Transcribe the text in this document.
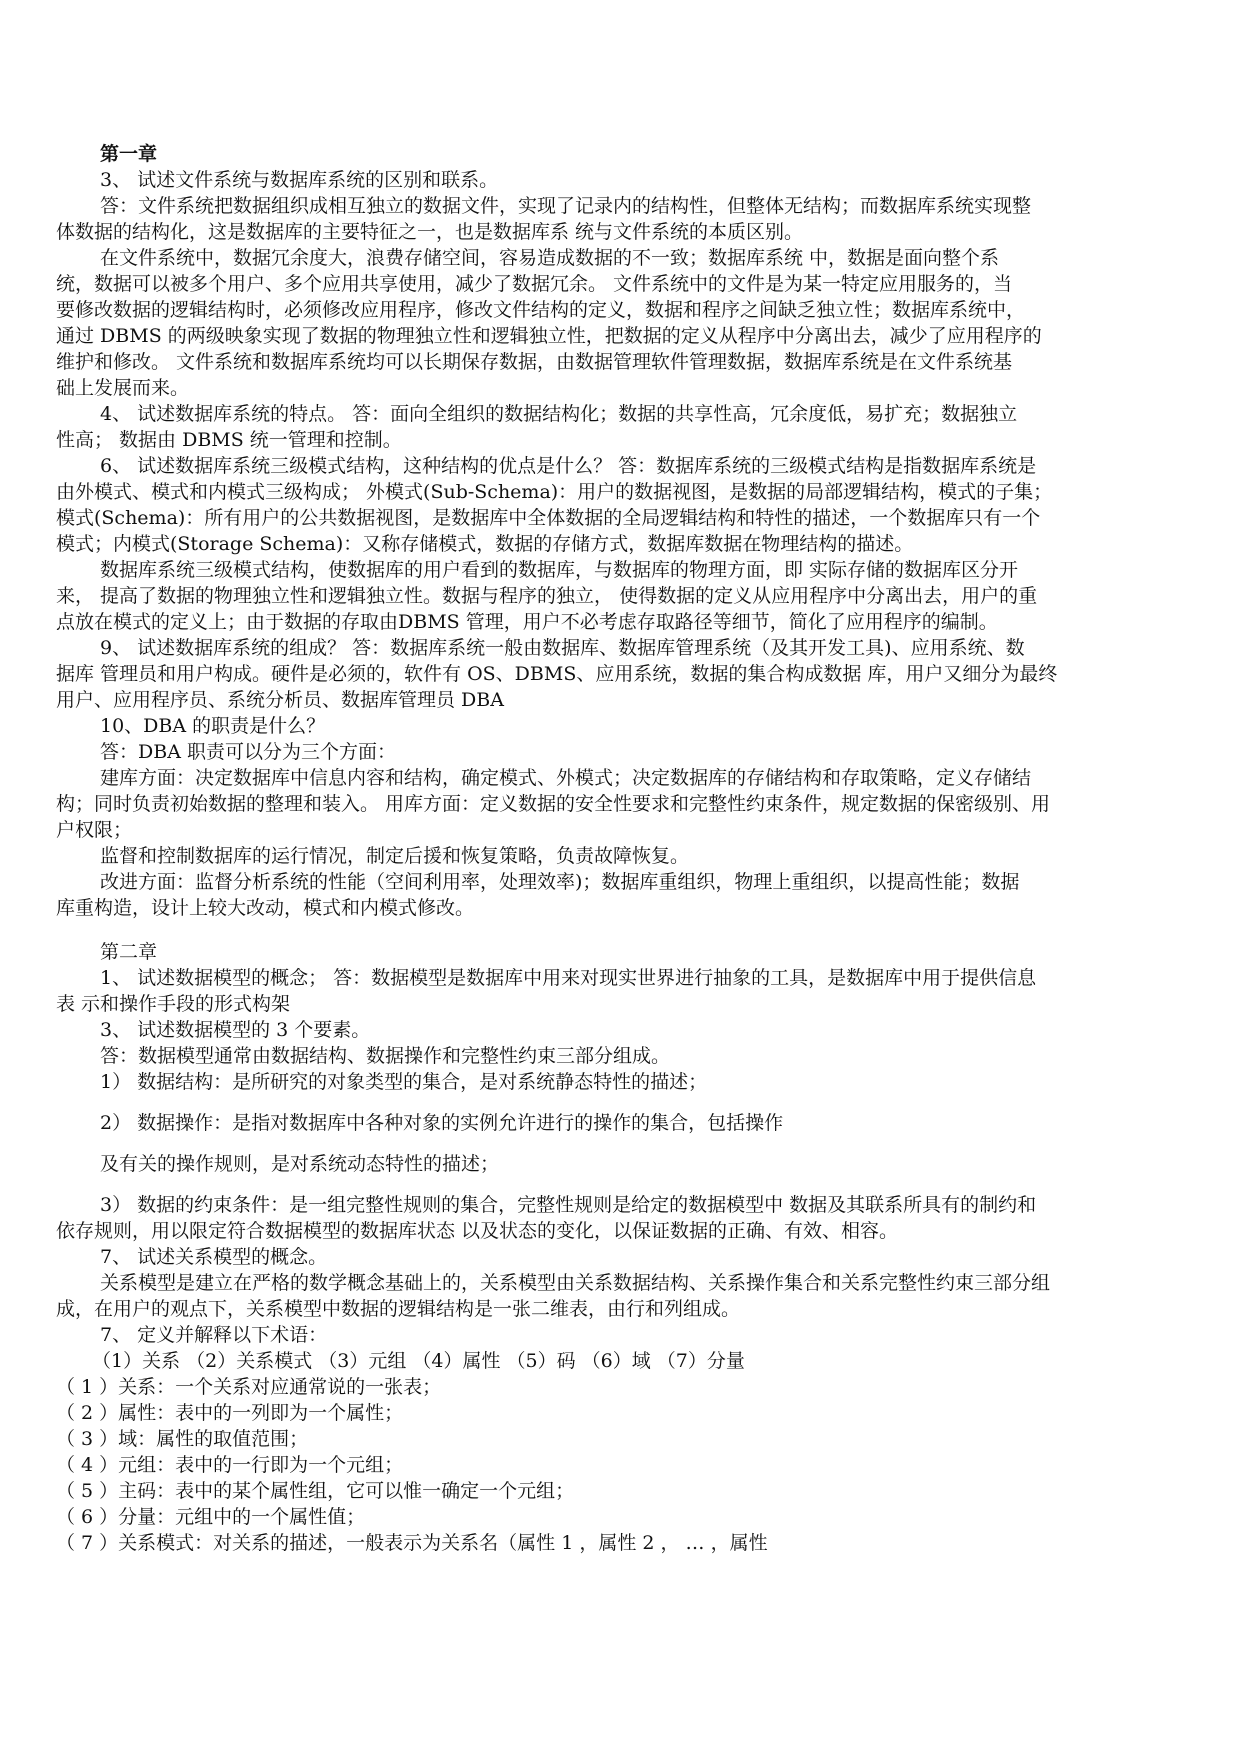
第一章
3、 试述文件系统与数据库系统的区别和联系。
答：文件系统把数据组织成相互独立的数据文件，实现了记录内的结构性，但整体无结构；而数据库系统实现整
体数据的结构化，这是数据库的主要特征之一，也是数据库系 统与文件系统的本质区别。
在文件系统中，数据冗余度大，浪费存储空间，容易造成数据的不一致；数据库系统 中，数据是面向整个系
统，数据可以被多个用户、多个应用共享使用，减少了数据冗余。 文件系统中的文件是为某一特定应用服务的，当
要修改数据的逻辑结构时，必须修改应用程序，修改文件结构的定义，数据和程序之间缺乏独立性；数据库系统中，
通过 DBMS 的两级映象实现了数据的物理独立性和逻辑独立性，把数据的定义从程序中分离出去，减少了应用程序的
维护和修改。 文件系统和数据库系统均可以长期保存数据，由数据管理软件管理数据，数据库系统是在文件系统基
础上发展而来。
4、 试述数据库系统的特点。 答：面向全组织的数据结构化；数据的共享性高，冗余度低，易扩充；数据独立
性高； 数据由 DBMS 统一管理和控制。
6、 试述数据库系统三级模式结构，这种结构的优点是什么？ 答：数据库系统的三级模式结构是指数据库系统是
由外模式、模式和内模式三级构成； 外模式(Sub-Schema)：用户的数据视图，是数据的局部逻辑结构，模式的子集；
模式(Schema)：所有用户的公共数据视图，是数据库中全体数据的全局逻辑结构和特性的描述，一个数据库只有一个
模式；内模式(Storage Schema)：又称存储模式，数据的存储方式，数据库数据在物理结构的描述。
数据库系统三级模式结构，使数据库的用户看到的数据库，与数据库的物理方面，即 实际存储的数据库区分开
来， 提高了数据的物理独立性和逻辑独立性。数据与程序的独立， 使得数据的定义从应用程序中分离出去，用户的重
点放在模式的定义上；由于数据的存取由DBMS 管理，用户不必考虑存取路径等细节，简化了应用程序的编制。
9、 试述数据库系统的组成？ 答：数据库系统一般由数据库、数据库管理系统（及其开发工具)、应用系统、数
据库 管理员和用户构成。硬件是必须的，软件有 OS、DBMS、应用系统，数据的集合构成数据 库，用户又细分为最终
用户、应用程序员、系统分析员、数据库管理员 DBA
10、DBA 的职责是什么？
答：DBA 职责可以分为三个方面：
建库方面：决定数据库中信息内容和结构，确定模式、外模式；决定数据库的存储结构和存取策略，定义存储结
构；同时负责初始数据的整理和装入。 用库方面：定义数据的安全性要求和完整性约束条件，规定数据的保密级别、用
户权限；
监督和控制数据库的运行情况，制定后援和恢复策略，负责故障恢复。
改进方面：监督分析系统的性能（空间利用率，处理效率)；数据库重组织，物理上重组织，以提高性能；数据
库重构造，设计上较大改动，模式和内模式修改。
第二章
1、 试述数据模型的概念； 答：数据模型是数据库中用来对现实世界进行抽象的工具，是数据库中用于提供信息
表 示和操作手段的形式构架
3、 试述数据模型的 3 个要素。
答：数据模型通常由数据结构、数据操作和完整性约束三部分组成。
1） 数据结构：是所研究的对象类型的集合，是对系统静态特性的描述；
2） 数据操作：是指对数据库中各种对象的实例允许进行的操作的集合，包括操作
及有关的操作规则，是对系统动态特性的描述；
3） 数据的约束条件：是一组完整性规则的集合，完整性规则是给定的数据模型中 数据及其联系所具有的制约和
依存规则，用以限定符合数据模型的数据库状态 以及状态的变化，以保证数据的正确、有效、相容。
7、 试述关系模型的概念。
关系模型是建立在严格的数学概念基础上的，关系模型由关系数据结构、关系操作集合和关系完整性约束三部分组
成，在用户的观点下，关系模型中数据的逻辑结构是一张二维表，由行和列组成。
7、 定义并解释以下术语：
（1）关系 （2）关系模式 （3）元组 （4）属性 （5）码 （6）域 （7）分量
（ 1 ）关系：一个关系对应通常说的一张表；
（ 2 ）属性：表中的一列即为一个属性；
（ 3 ）域：属性的取值范围；
（ 4 ）元组：表中的一行即为一个元组；
（ 5 ）主码：表中的某个属性组，它可以惟一确定一个元组；
（ 6 ）分量：元组中的一个属性值；
（ 7 ）关系模式：对关系的描述，一般表示为关系名（属性 1 ，属性 2 ， … ，属性
